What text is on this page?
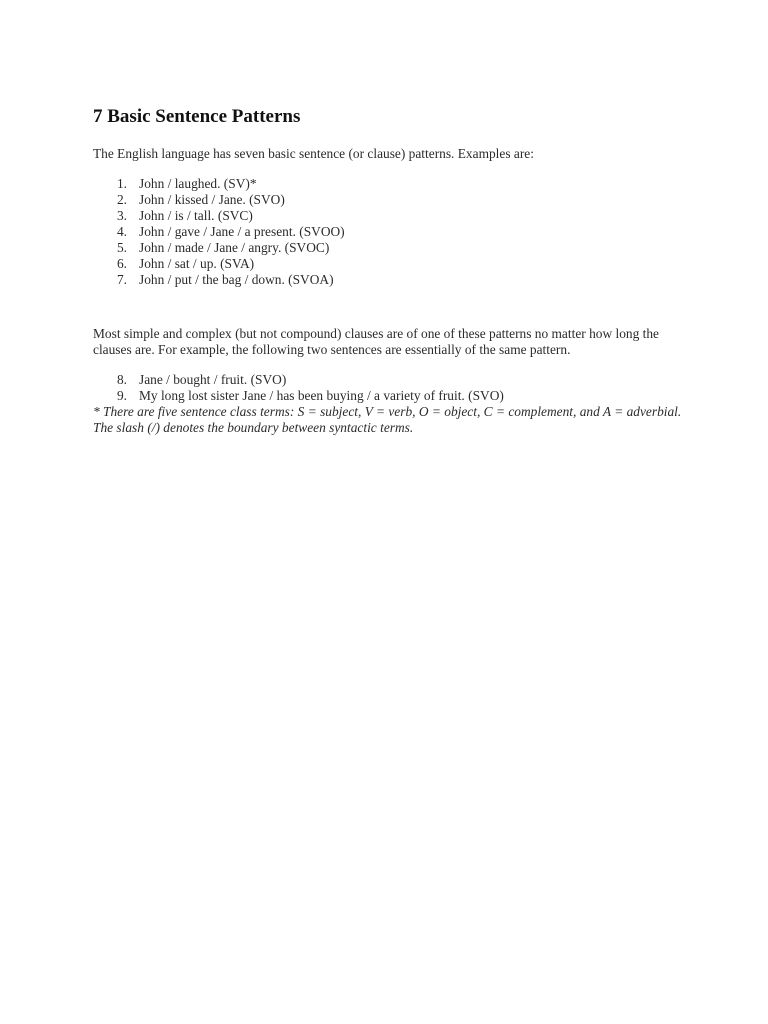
7 Basic Sentence Patterns

The English language has seven basic sentence (or clause) patterns. Examples are:

1. John / laughed. (SV)*
2. John / kissed / Jane. (SVO)
3. John / is / tall. (SVC)
4. John / gave / Jane / a present. (SVOO)
5. John / made / Jane / angry. (SVOC)
6. John / sat / up. (SVA)
7. John / put / the bag / down. (SVOA)

Most simple and complex (but not compound) clauses are of one of these patterns no matter how long the clauses are. For example, the following two sentences are essentially of the same pattern.

8. Jane / bought / fruit. (SVO)
9. My long lost sister Jane / has been buying / a variety of fruit. (SVO)

* There are five sentence class terms: S = subject, V = verb, O = object, C = complement, and A = adverbial. The slash (/) denotes the boundary between syntactic terms.
